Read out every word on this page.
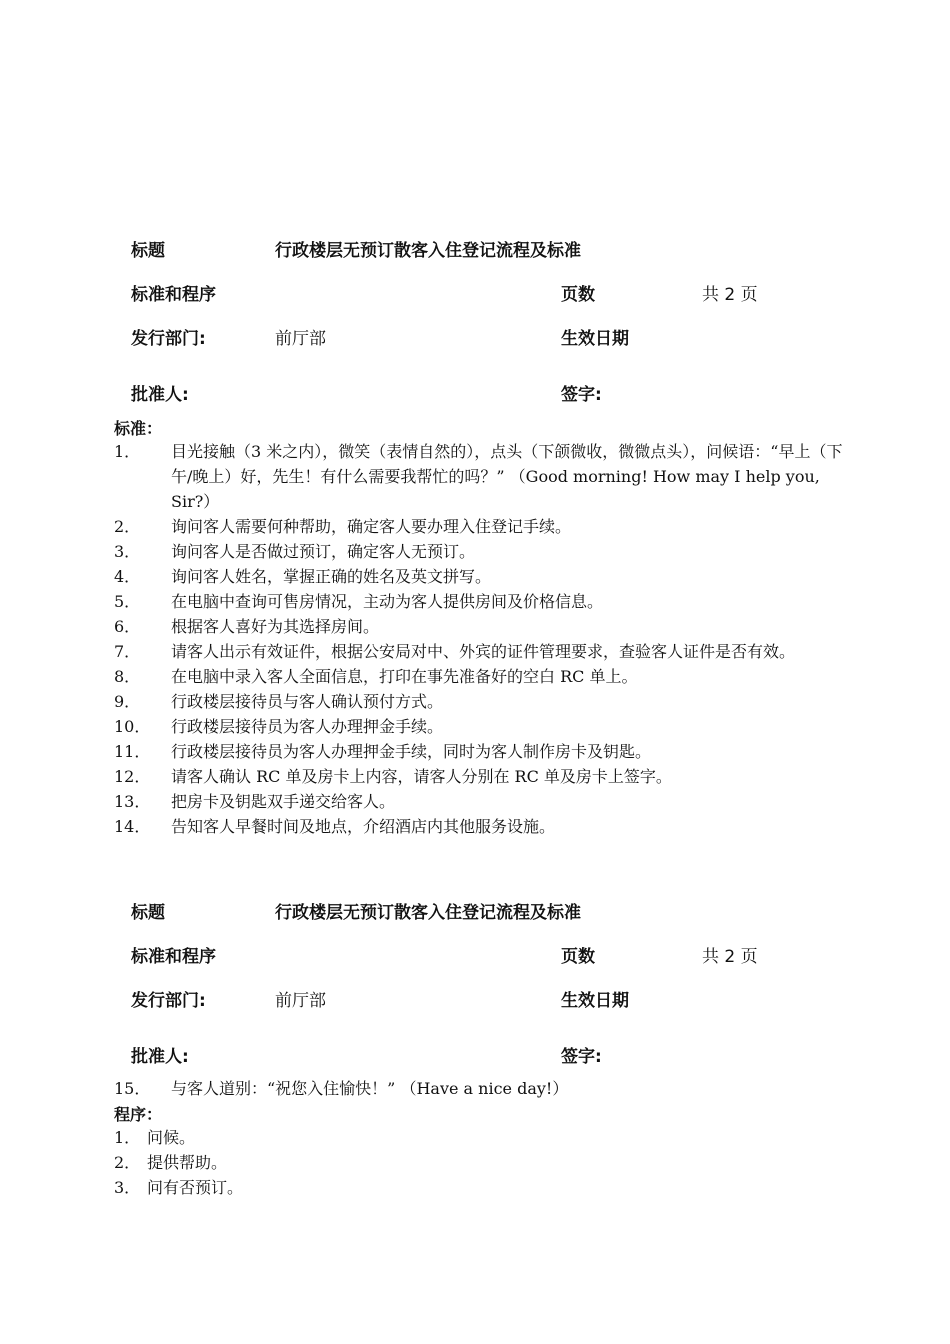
标题	行政楼层无预订散客入住登记流程及标准
标准和程序	页数	共 2 页
发行部门:	前厅部	生效日期
批准人:	签字:
标准：
1．	目光接触（3 米之内），微笑（表情自然的），点头（下颌微收，微微点头），问候语：“早上（下午/晚上）好，先生！有什么需要我帮忙的吗？” （Good morning! How may I help you, Sir?）
2．	询问客人需要何种帮助，确定客人要办理入住登记手续。
3．	询问客人是否做过预订，确定客人无预订。
4．	询问客人姓名，掌握正确的姓名及英文拼写。
5．	在电脑中查询可售房情况，主动为客人提供房间及价格信息。
6．	根据客人喜好为其选择房间。
7．	请客人出示有效证件，根据公安局对中、外宾的证件管理要求，查验客人证件是否有效。
8．	在电脑中录入客人全面信息，打印在事先准备好的空白 RC 单上。
9．	行政楼层接待员与客人确认预付方式。
10．	行政楼层接待员为客人办理押金手续。
11．	行政楼层接待员为客人办理押金手续，同时为客人制作房卡及钥匙。
12．	请客人确认 RC 单及房卡上内容，请客人分别在 RC 单及房卡上签字。
13．	把房卡及钥匙双手递交给客人。
14．	告知客人早餐时间及地点，介绍酒店内其他服务设施。
标题	行政楼层无预订散客入住登记流程及标准
标准和程序	页数	共 2 页
发行部门:	前厅部	生效日期
批准人:	签字:
15．	与客人道别：“祝您入住愉快！” （Have a nice day!）
程序：
1． 问候。
2． 提供帮助。
3． 问有否预订。
